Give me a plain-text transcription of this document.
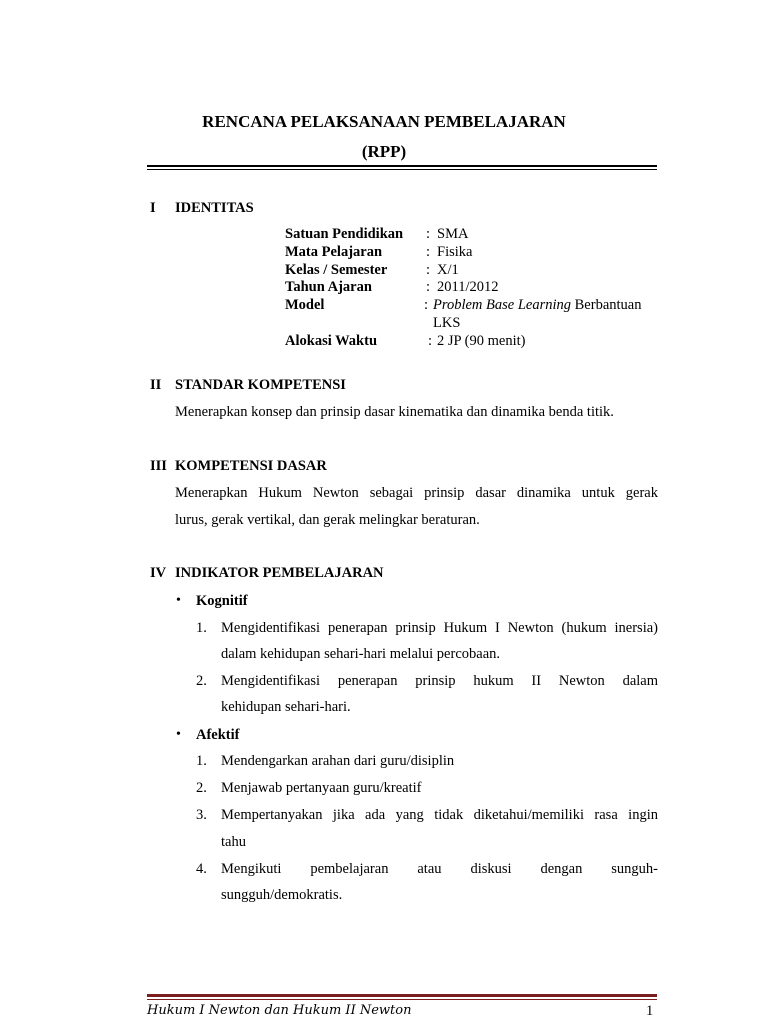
RENCANA PELAKSANAAN PEMBELAJARAN
(RPP)
I IDENTITAS
Satuan Pendidikan : SMA
Mata Pelajaran	: Fisika
Kelas / Semester	: X/1
Tahun Ajaran	: 2011/2012
Model	: Problem Base Learning Berbantuan
LKS
Alokasi Waktu	: 2 JP (90 menit)
II STANDAR KOMPETENSI
Menerapkan konsep dan prinsip dasar kinematika dan dinamika benda titik.
III KOMPETENSI DASAR
Menerapkan Hukum Newton sebagai prinsip dasar dinamika untuk gerak
lurus, gerak vertikal, dan gerak melingkar beraturan.
IV INDIKATOR PEMBELAJARAN
• Kognitif
1. Mengidentifikasi penerapan prinsip Hukum I Newton (hukum inersia)
dalam kehidupan sehari-hari melalui percobaan.
2. Mengidentifikasi penerapan prinsip hukum II Newton dalam
kehidupan sehari-hari.
• Afektif
1. Mendengarkan arahan dari guru/disiplin
2. Menjawab pertanyaan guru/kreatif
3. Mempertanyakan jika ada yang tidak diketahui/memiliki rasa ingin
tahu
4. Mengikuti pembelajaran atau diskusi dengan sunguh-
sungguh/demokratis.
Hukum I Newton dan Hukum II Newton	1
